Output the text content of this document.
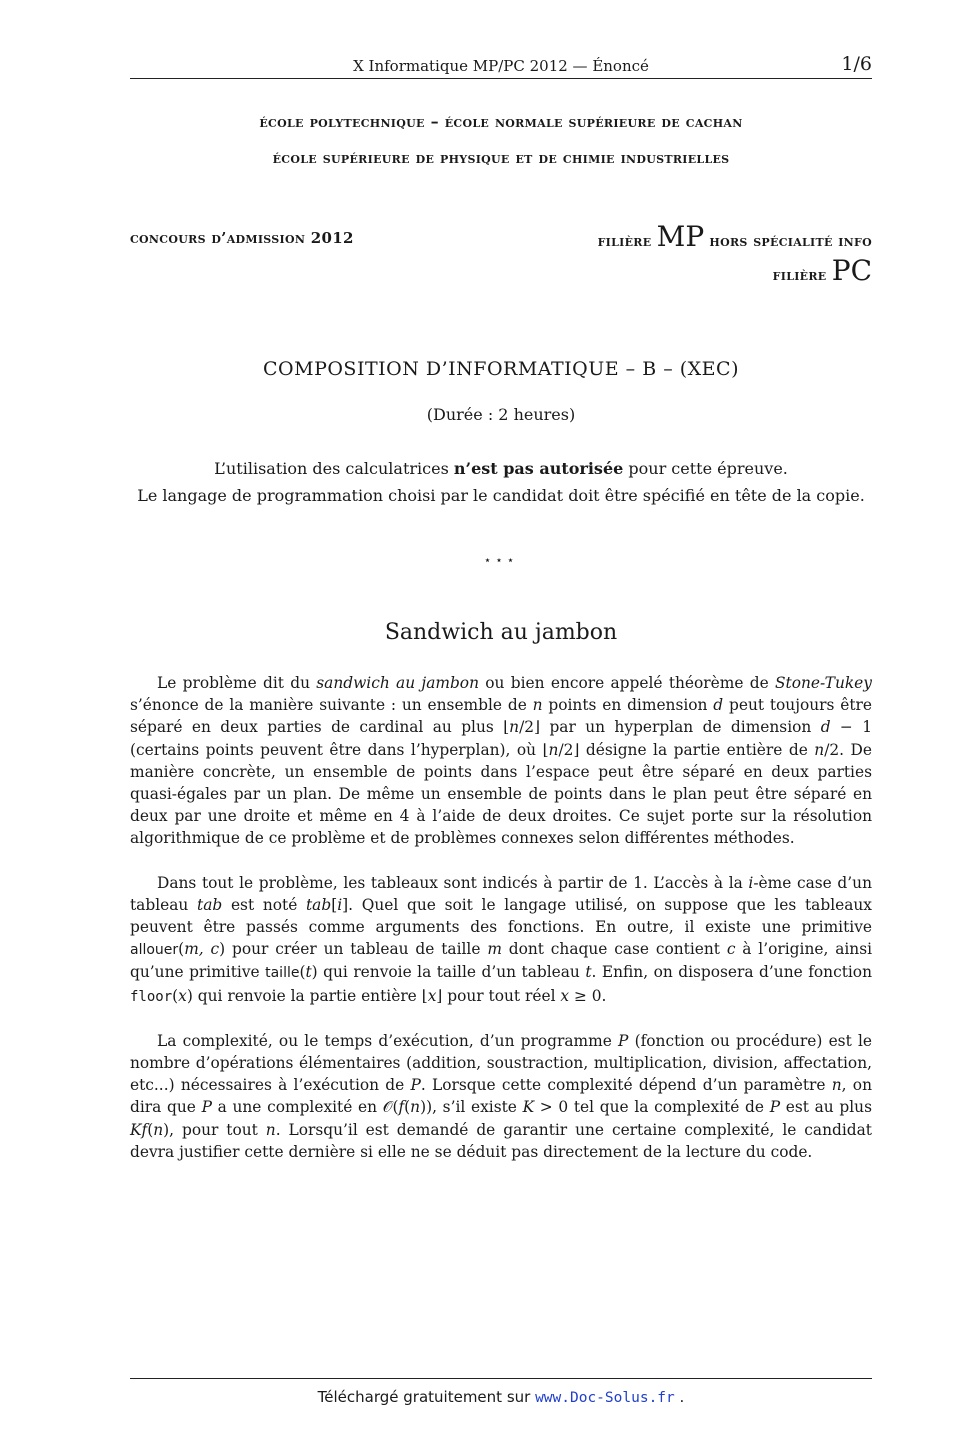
X Informatique MP/PC 2012 — Énoncé	1/6
école polytechnique – école normale supérieure de cachan
école supérieure de physique et de chimie industrielles
concours d’admission 2012	filière MP hors spécialité info
filière PC
COMPOSITION D’INFORMATIQUE – B – (XEC)
(Durée : 2 heures)
L’utilisation des calculatrices n’est pas autorisée pour cette épreuve.
Le langage de programmation choisi par le candidat doit être spécifié en tête de la copie.
⋆⋆⋆
Sandwich au jambon

Le problème dit du sandwich au jambon ou bien encore appelé théorème de Stone-Tukey s’énonce de la manière suivante : un ensemble de n points en dimension d peut toujours être séparé en deux parties de cardinal au plus ⌊n/2⌋ par un hyperplan de dimension d − 1 (certains points peuvent être dans l’hyperplan), où ⌊n/2⌋ désigne la partie entière de n/2. De manière concrète, un ensemble de points dans l’espace peut être séparé en deux parties quasi-égales par un plan. De même un ensemble de points dans le plan peut être séparé en deux par une droite et même en 4 à l’aide de deux droites. Ce sujet porte sur la résolution algorithmique de ce problème et de problèmes connexes selon différentes méthodes.

Dans tout le problème, les tableaux sont indicés à partir de 1. L’accès à la i-ème case d’un tableau tab est noté tab[i]. Quel que soit le langage utilisé, on suppose que les tableaux peuvent être passés comme arguments des fonctions. En outre, il existe une primitive allouer(m, c) pour créer un tableau de taille m dont chaque case contient c à l’origine, ainsi qu’une primitive taille(t) qui renvoie la taille d’un tableau t. Enfin, on disposera d’une fonction floor(x) qui renvoie la partie entière ⌊x⌋ pour tout réel x ≥ 0.

La complexité, ou le temps d’exécution, d’un programme P (fonction ou procédure) est le nombre d’opérations élémentaires (addition, soustraction, multiplication, division, affectation, etc...) nécessaires à l’exécution de P. Lorsque cette complexité dépend d’un paramètre n, on dira que P a une complexité en 𝒪(f(n)), s’il existe K > 0 tel que la complexité de P est au plus Kf(n), pour tout n. Lorsqu’il est demandé de garantir une certaine complexité, le candidat devra justifier cette dernière si elle ne se déduit pas directement de la lecture du code.

Téléchargé gratuitement sur www.Doc-Solus.fr .
